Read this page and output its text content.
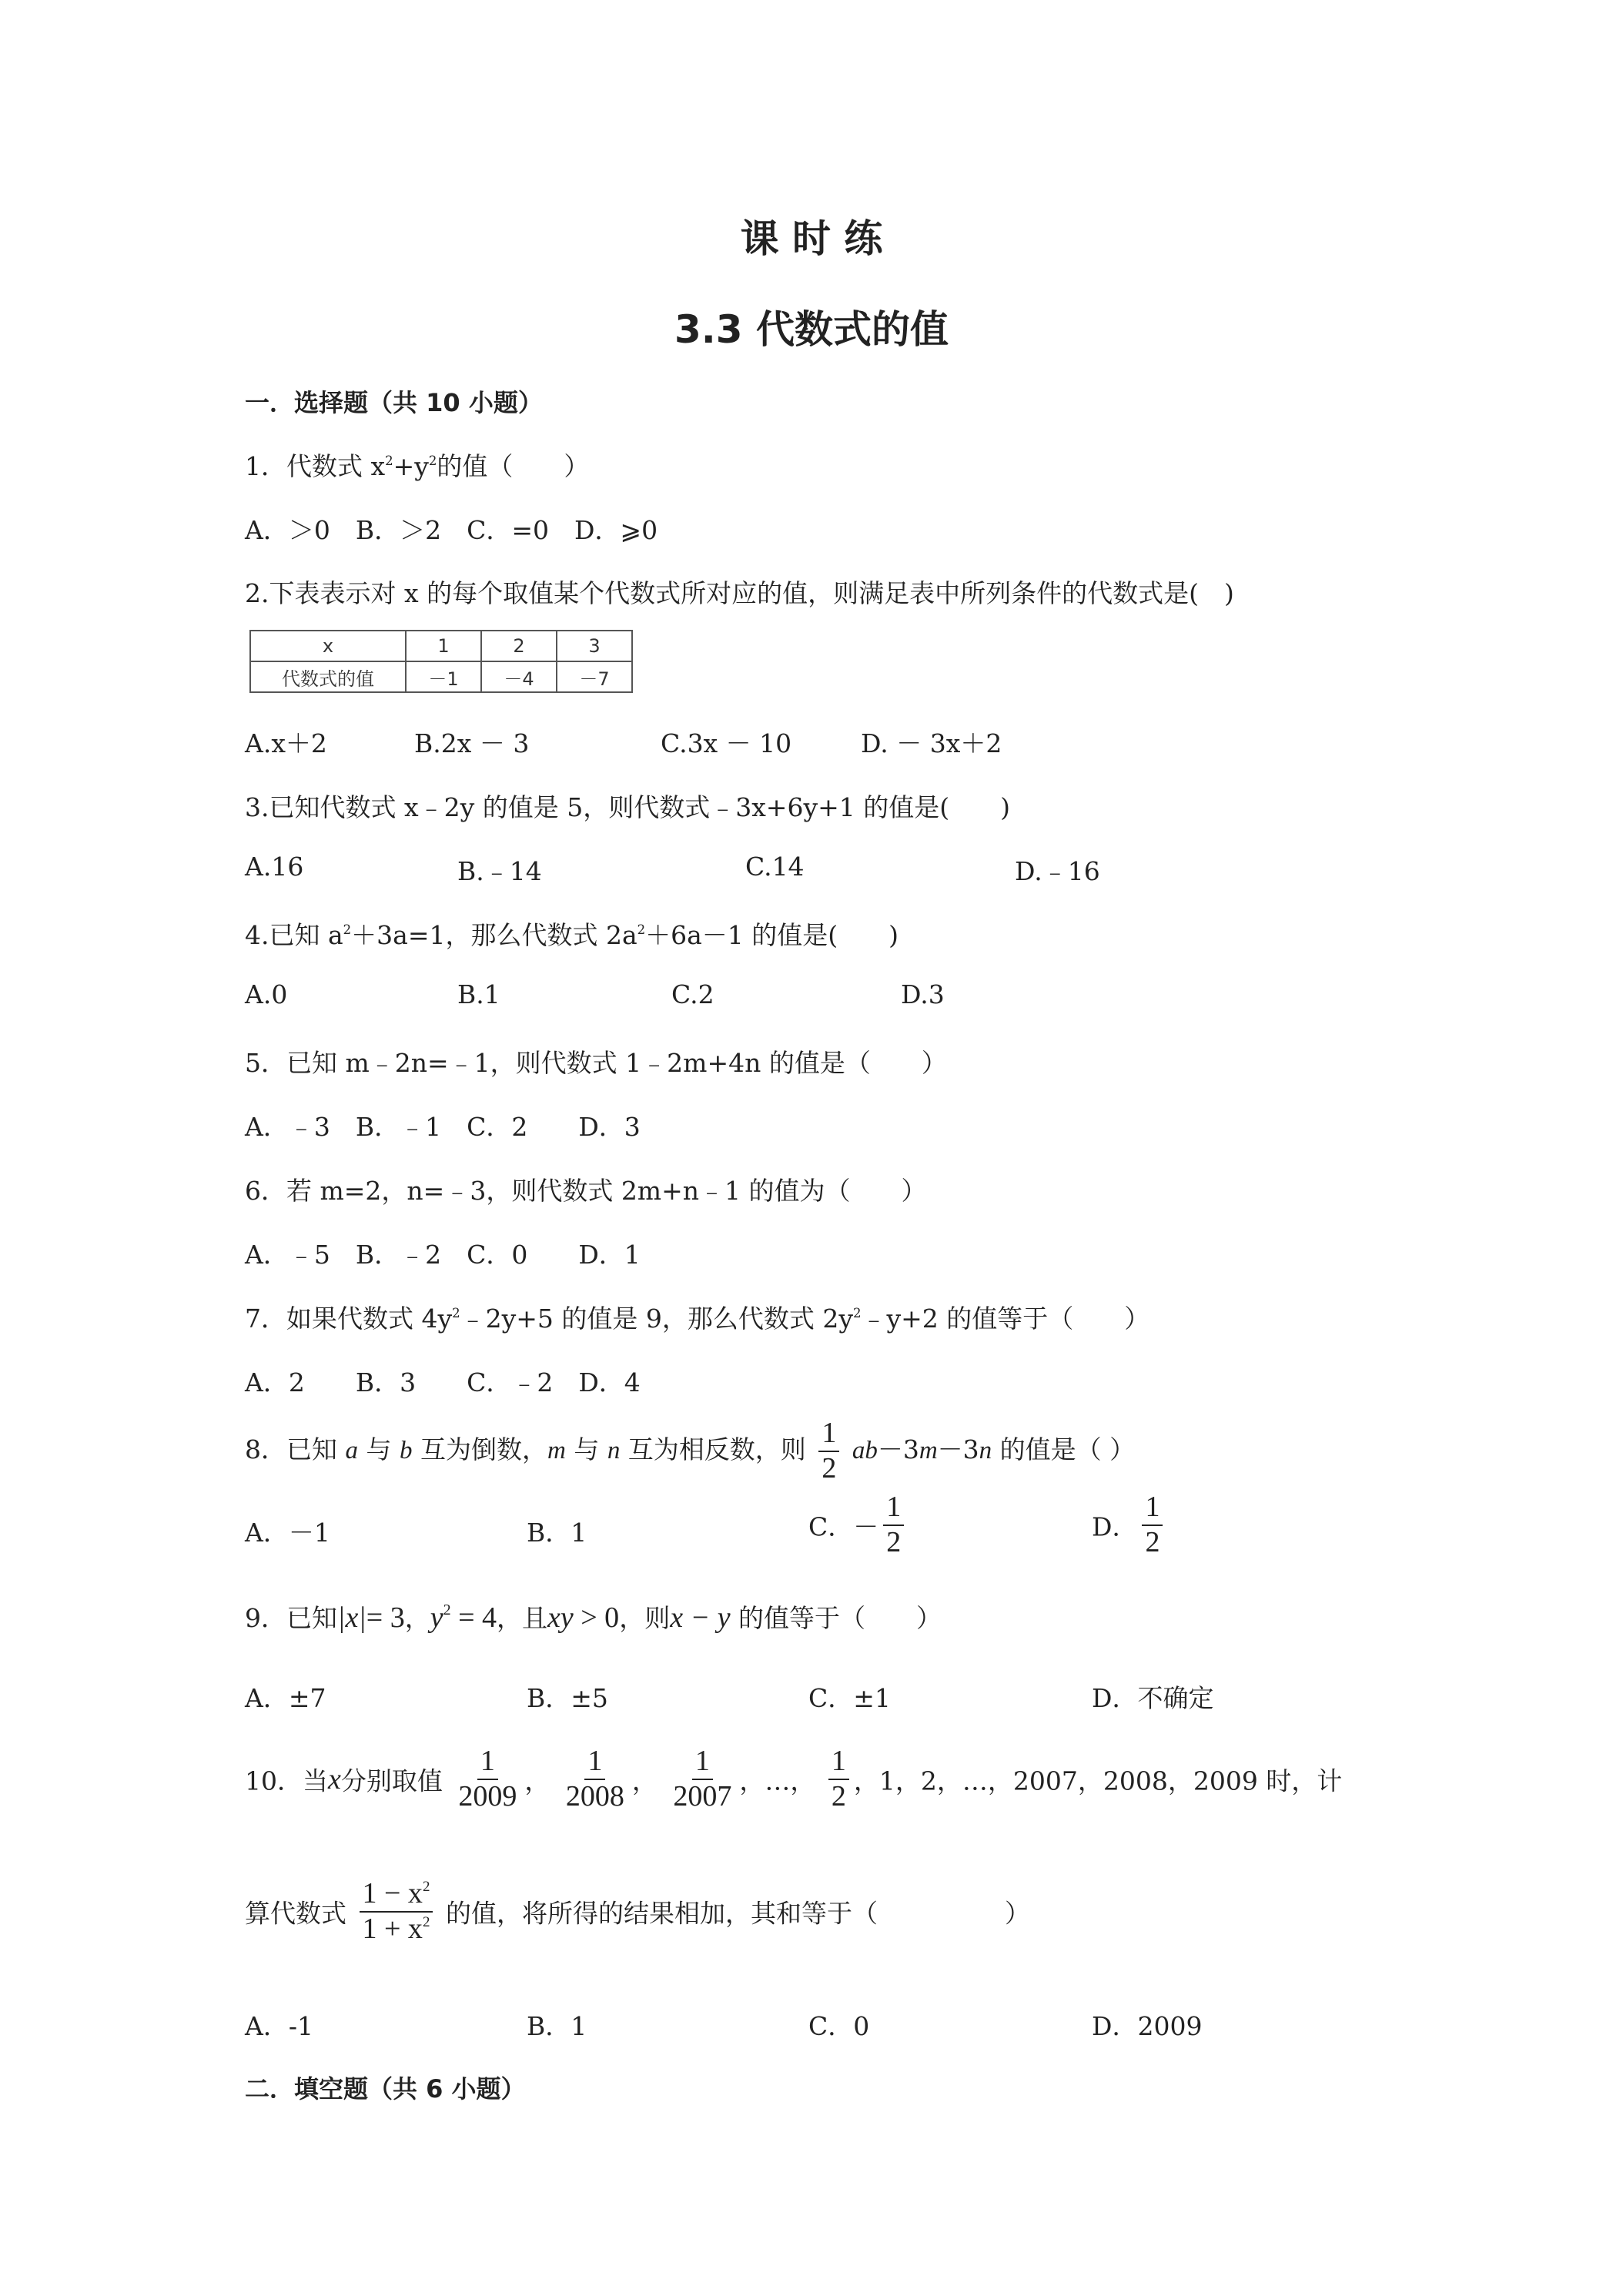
课 时 练
3.3 代数式的值
一．选择题（共 10 小题）
1．代数式 $x^2+y^2$的值（　　）
A．＞0　B．＞2　C．=0　D．⩾0
2.下表表示对 x 的每个取值某个代数式所对应的值，则满足表中所列条件的代数式是(　)
x	1	2	3
代数式的值	－1	－4	－7
A.x＋2	B.2x － 3	C.3x － 10	D. － 3x＋2
3.已知代数式 x﹣2y 的值是 5，则代数式﹣3x+6y+1 的值是(　　)
A.16	B.﹣14	C.14	D.﹣16
4.已知 $a^2+3a=1$，那么代数式 $2a^2+6a-1$ 的值是(　　)
A.0	B.1	C.2	D.3
5．已知 m﹣2n=﹣1，则代数式 1﹣2m+4n 的值是（　　）
A．﹣3　B．﹣1　C．2　　D．3
6．若 m=2，n=﹣3，则代数式 2m+n﹣1 的值为（　　）
A．﹣5　B．﹣2　C．0　　D．1
7．如果代数式 $4y^2﹣2y+5$ 的值是 9，那么代数式 $2y^2﹣y+2$ 的值等于（　　）
A．2　　B．3　　C．﹣2　D．4
8．已知 a 与 b 互为倒数，m 与 n 互为相反数，则 $\frac{1}{2} ab-3m-3n$ 的值是（ ）
A．－1	B．1	C．－ $\frac{1}{2}$	D． $\frac{1}{2}$
9．已知|x|= 3，$y^2 = 4$，且xy > 0，则x − y 的值等于（　　）
A．±7	B．±5	C．±1	D．不确定
10．当x分别取值 $\frac{1}{2009}$ ， $\frac{1}{2008}$ ， $\frac{1}{2007}$ ，…， $\frac{1}{2}$ ，1，2，…，2007，2008，2009 时，计
算代数式 $\frac{1 - x^2}{1 + x^2}$ 的值，将所得的结果相加，其和等于（　　　　　）
A．-1	B．1	C．0	D．2009
二．填空题（共 6 小题）
